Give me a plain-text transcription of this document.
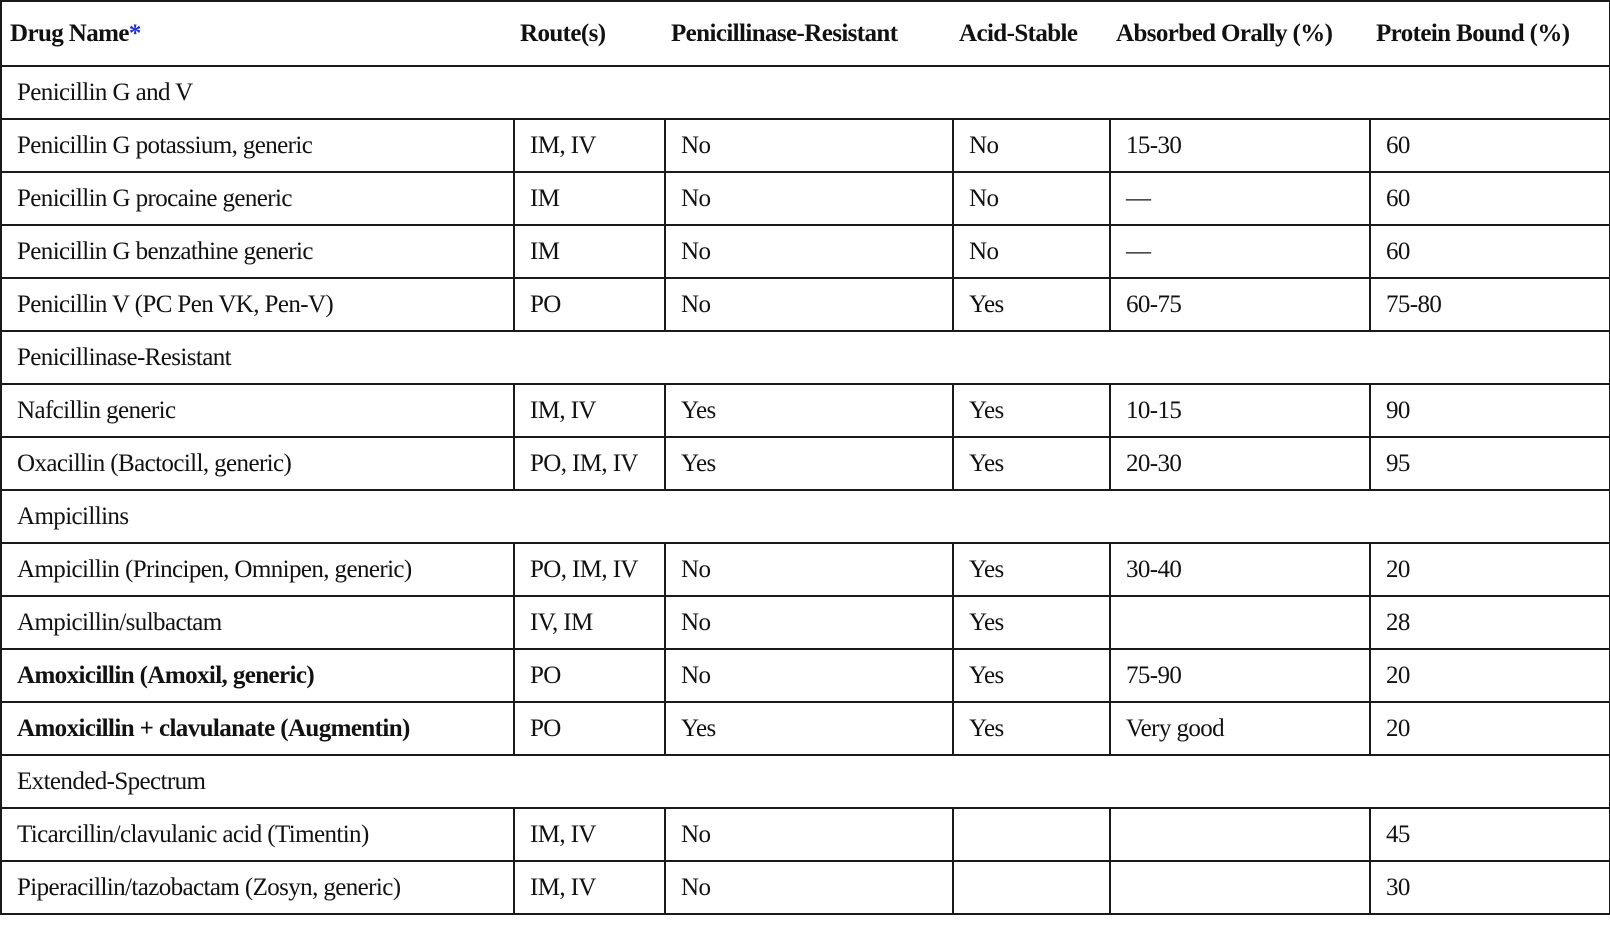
Drug Name*	Route(s)	Penicillinase-Resistant	Acid-Stable	Absorbed Orally (%)	Protein Bound (%)
Penicillin G and V					
Penicillin G potassium, generic	IM, IV	No	No	15-30	60
Penicillin G procaine generic	IM	No	No	—	60
Penicillin G benzathine generic	IM	No	No	—	60
Penicillin V (PC Pen VK, Pen-V)	PO	No	Yes	60-75	75-80
Penicillinase-Resistant					
Nafcillin generic	IM, IV	Yes	Yes	10-15	90
Oxacillin (Bactocill, generic)	PO, IM, IV	Yes	Yes	20-30	95
Ampicillins					
Ampicillin (Principen, Omnipen, generic)	PO, IM, IV	No	Yes	30-40	20
Ampicillin/sulbactam	IV, IM	No	Yes		28
Amoxicillin (Amoxil, generic)	PO	No	Yes	75-90	20
Amoxicillin + clavulanate (Augmentin)	PO	Yes	Yes	Very good	20
Extended-Spectrum					
Ticarcillin/clavulanic acid (Timentin)	IM, IV	No			45
Piperacillin/tazobactam (Zosyn, generic)	IM, IV	No			30
